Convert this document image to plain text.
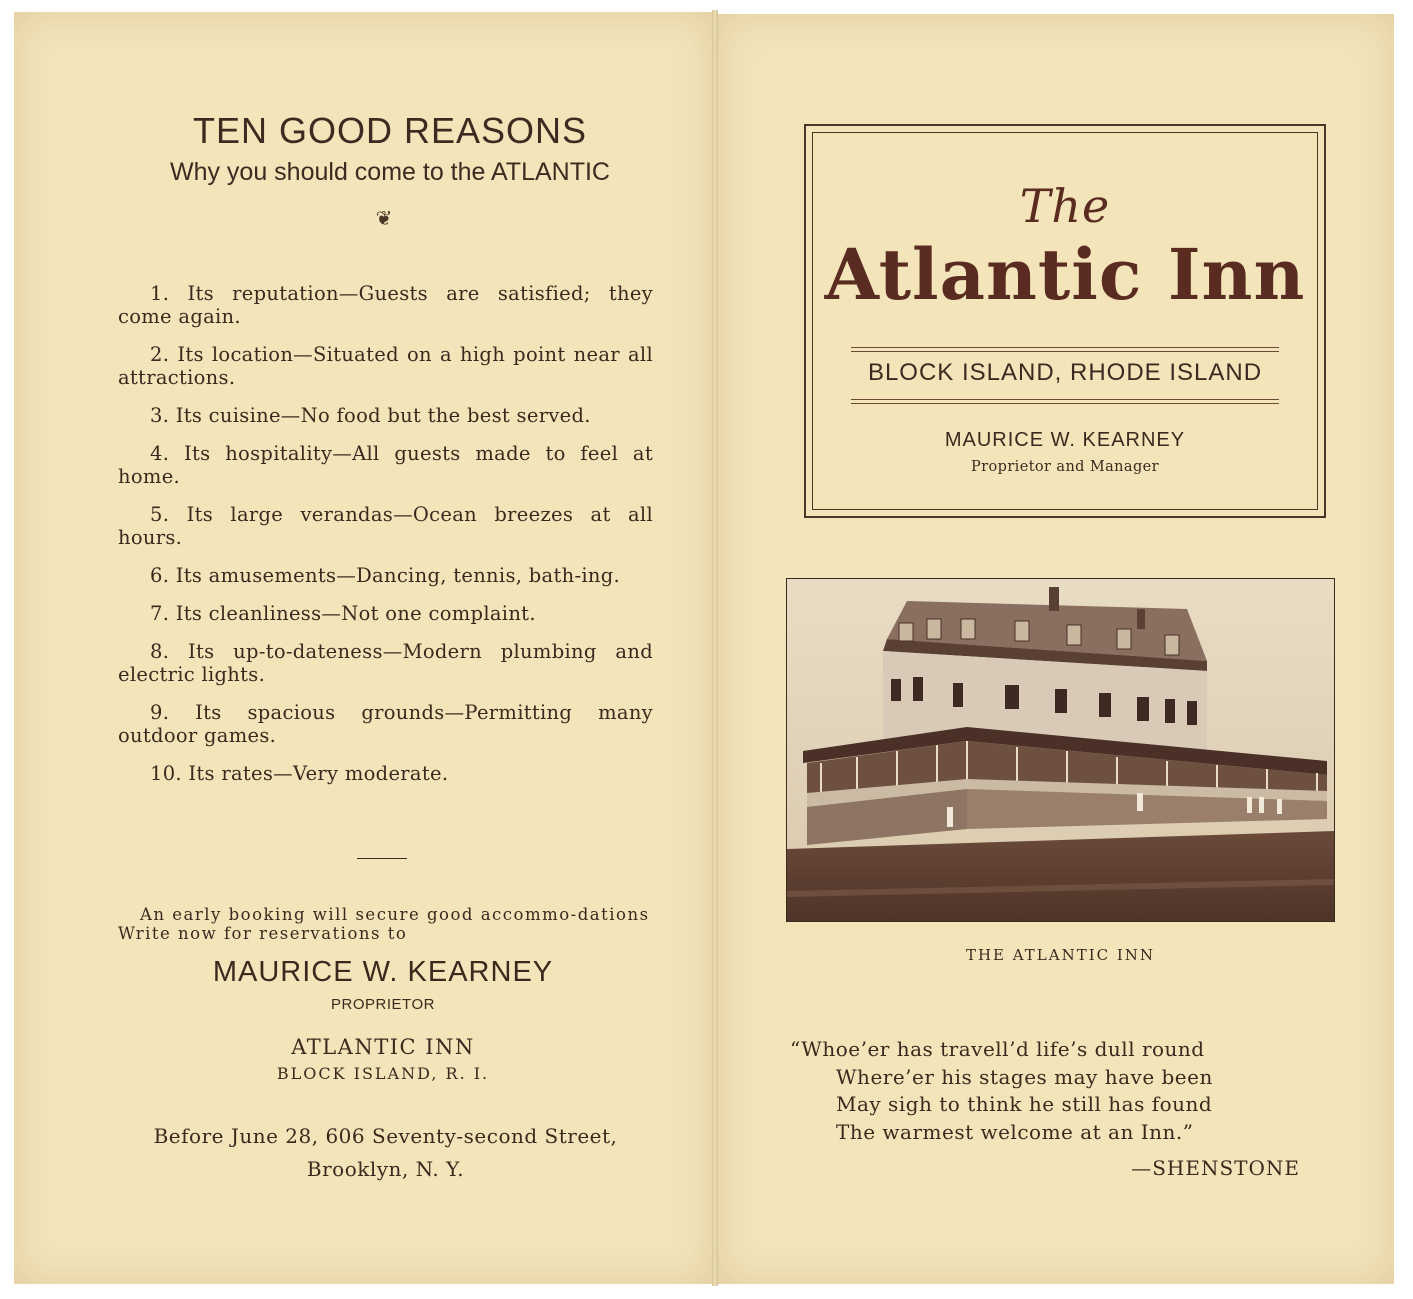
TEN GOOD REASONS
Why you should come to the ATLANTIC
❦
1. Its reputation—Guests are satisfied; they come again.
2. Its location—Situated on a high point near all attractions.
3. Its cuisine—No food but the best served.
4. Its hospitality—All guests made to feel at home.
5. Its large verandas—Ocean breezes at all hours.
6. Its amusements—Dancing, tennis, bath-ing.
7. Its cleanliness—Not one complaint.
8. Its up-to-dateness—Modern plumbing and electric lights.
9. Its spacious grounds—Permitting many outdoor games.
10. Its rates—Very moderate.
An early booking will secure good accommo-dations Write now for reservations to
MAURICE W. KEARNEY
PROPRIETOR
ATLANTIC INN
BLOCK ISLAND, R. I.
Before June 28, 606 Seventy-second Street,
Brooklyn, N. Y.
The
Atlantic Inn
BLOCK ISLAND, RHODE ISLAND
MAURICE W. KEARNEY
Proprietor and Manager
THE ATLANTIC INN
“Whoe’er has travell’d life’s dull round
Where’er his stages may have been
May sigh to think he still has found
The warmest welcome at an Inn.”
—SHENSTONE
